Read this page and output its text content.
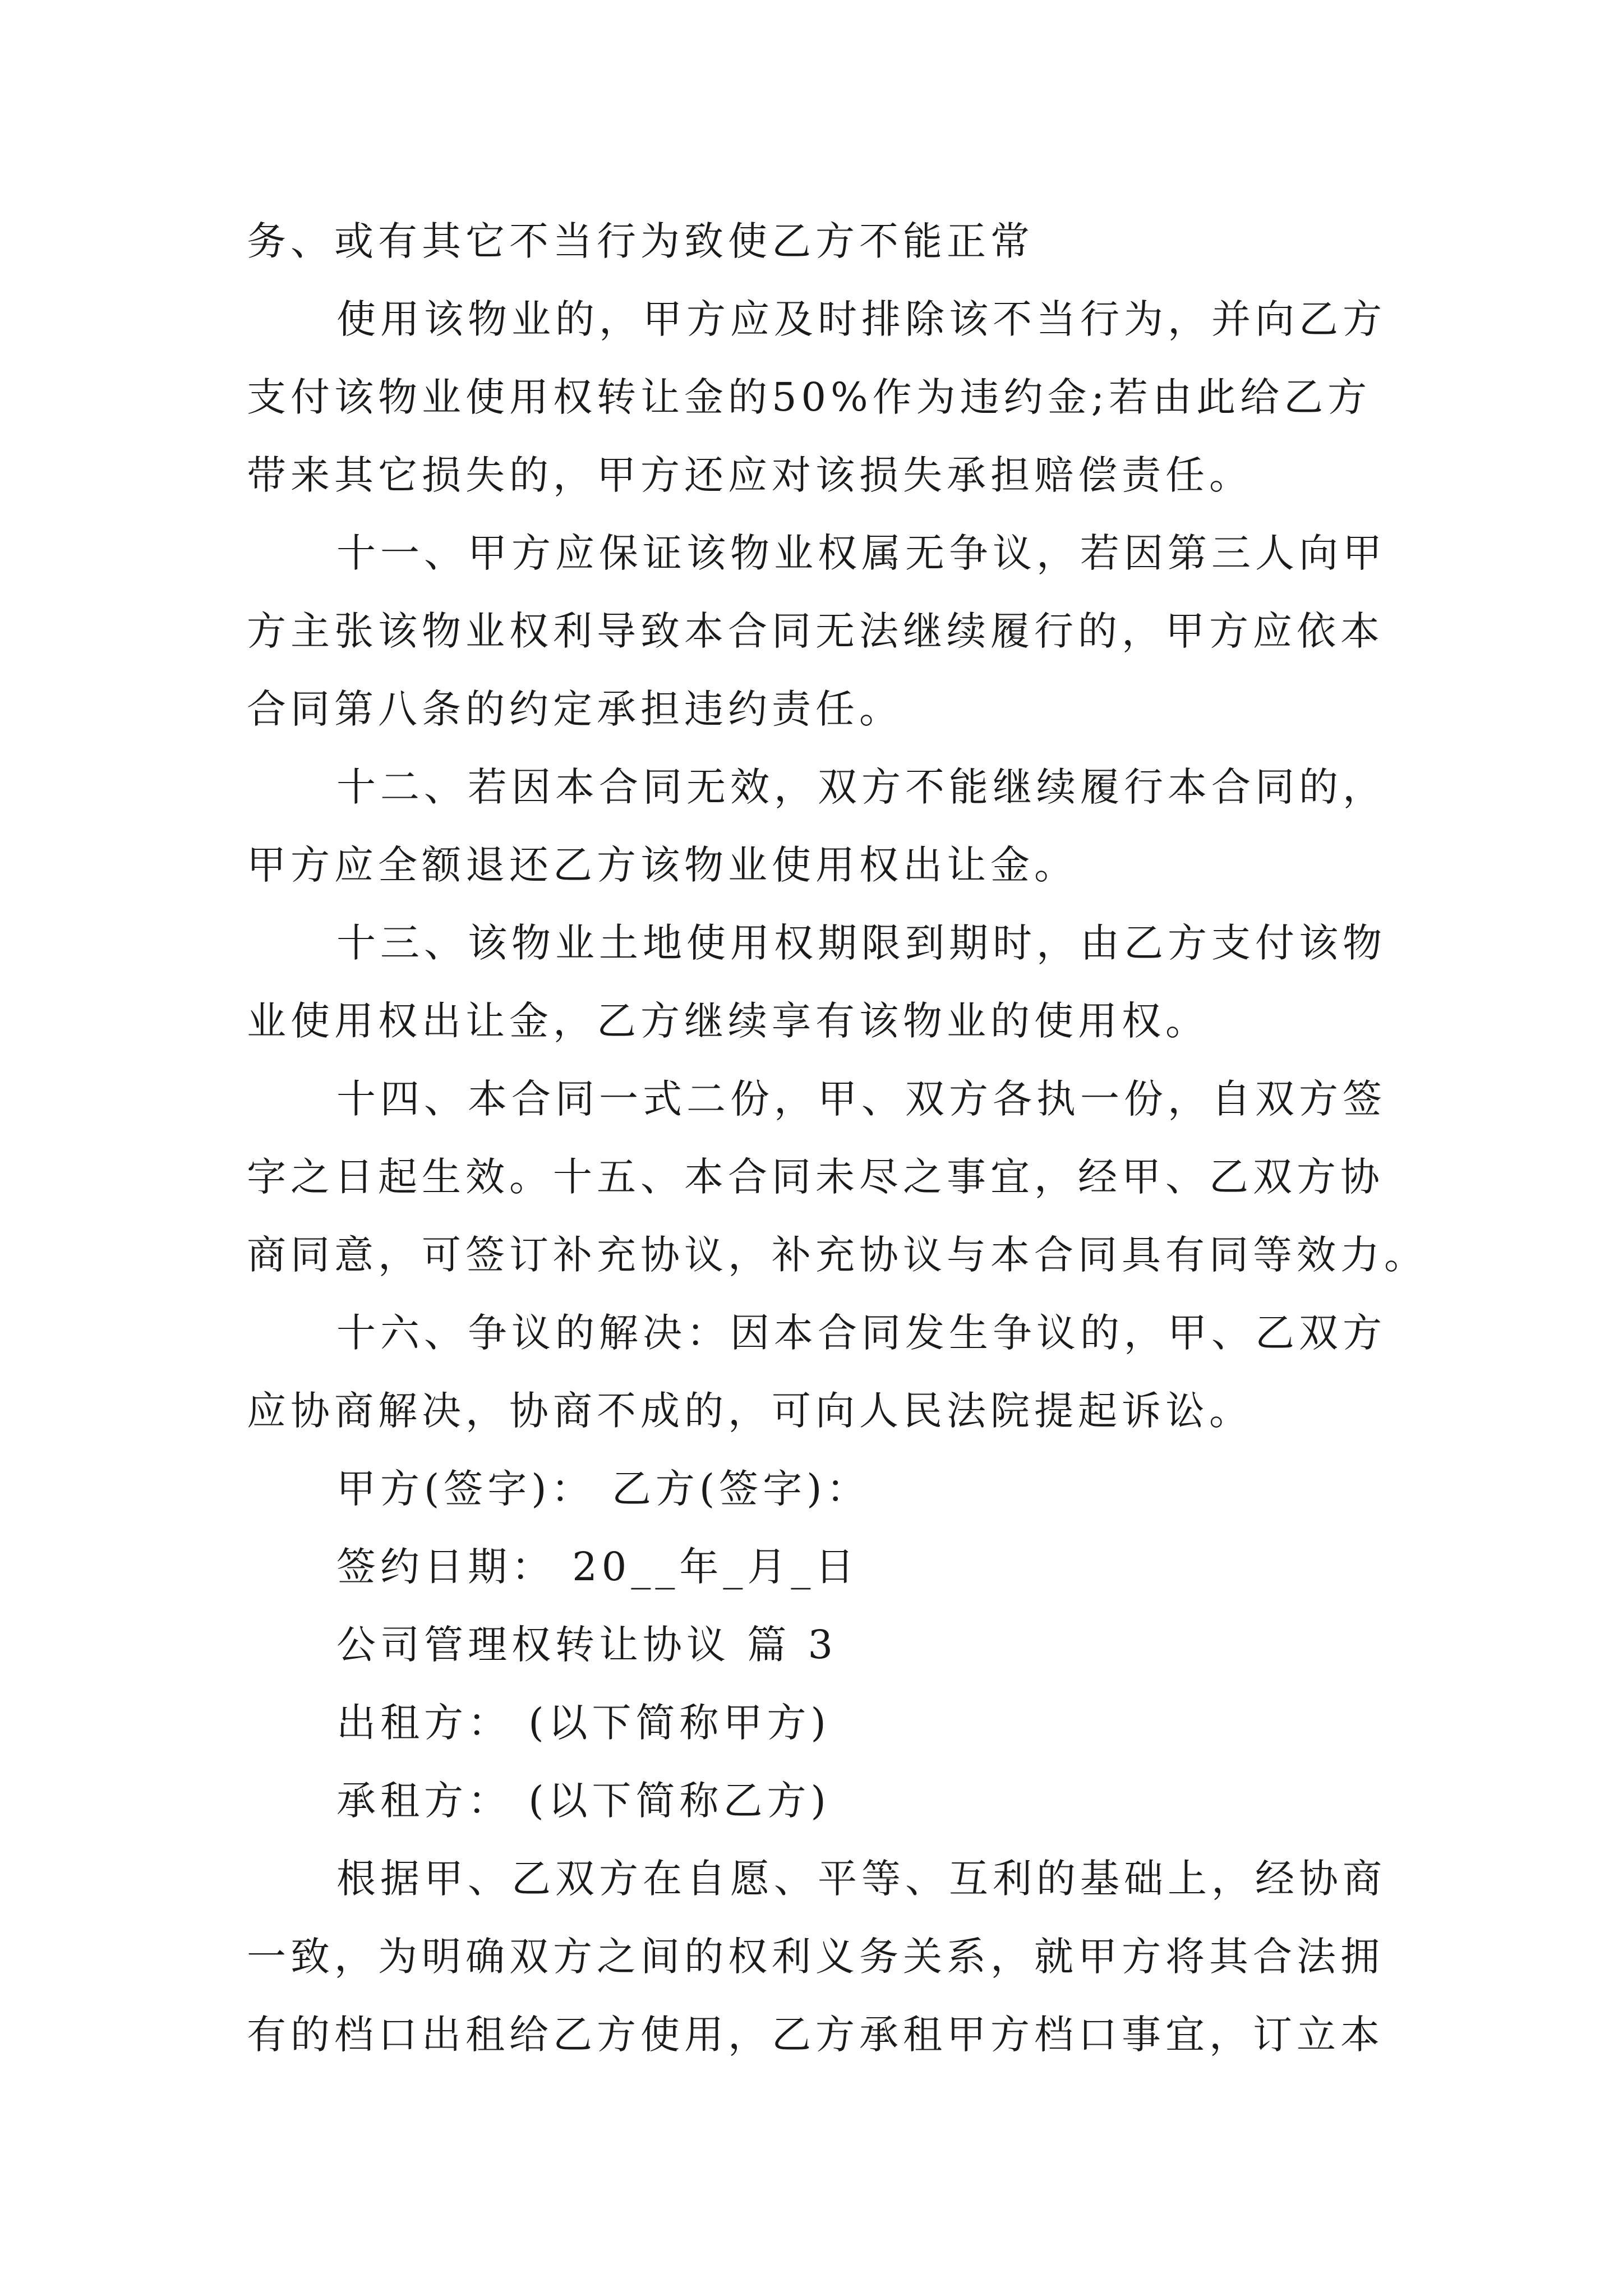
务、或有其它不当行为致使乙方不能正常
使用该物业的，甲方应及时排除该不当行为，并向乙方
支付该物业使用权转让金的50%作为违约金;若由此给乙方
带来其它损失的，甲方还应对该损失承担赔偿责任。
十一、甲方应保证该物业权属无争议，若因第三人向甲
方主张该物业权利导致本合同无法继续履行的，甲方应依本
合同第八条的约定承担违约责任。
十二、若因本合同无效，双方不能继续履行本合同的，
甲方应全额退还乙方该物业使用权出让金。
十三、该物业土地使用权期限到期时，由乙方支付该物
业使用权出让金，乙方继续享有该物业的使用权。
十四、本合同一式二份，甲、双方各执一份，自双方签
字之日起生效。十五、本合同未尽之事宜，经甲、乙双方协
商同意，可签订补充协议，补充协议与本合同具有同等效力。
十六、争议的解决：因本合同发生争议的，甲、乙双方
应协商解决，协商不成的，可向人民法院提起诉讼。
甲方(签字)： 乙方(签字)：
签约日期： 20__年_月_日
公司管理权转让协议 篇 3
出租方： (以下简称甲方)
承租方： (以下简称乙方)
根据甲、乙双方在自愿、平等、互利的基础上，经协商
一致，为明确双方之间的权利义务关系，就甲方将其合法拥
有的档口出租给乙方使用，乙方承租甲方档口事宜，订立本
